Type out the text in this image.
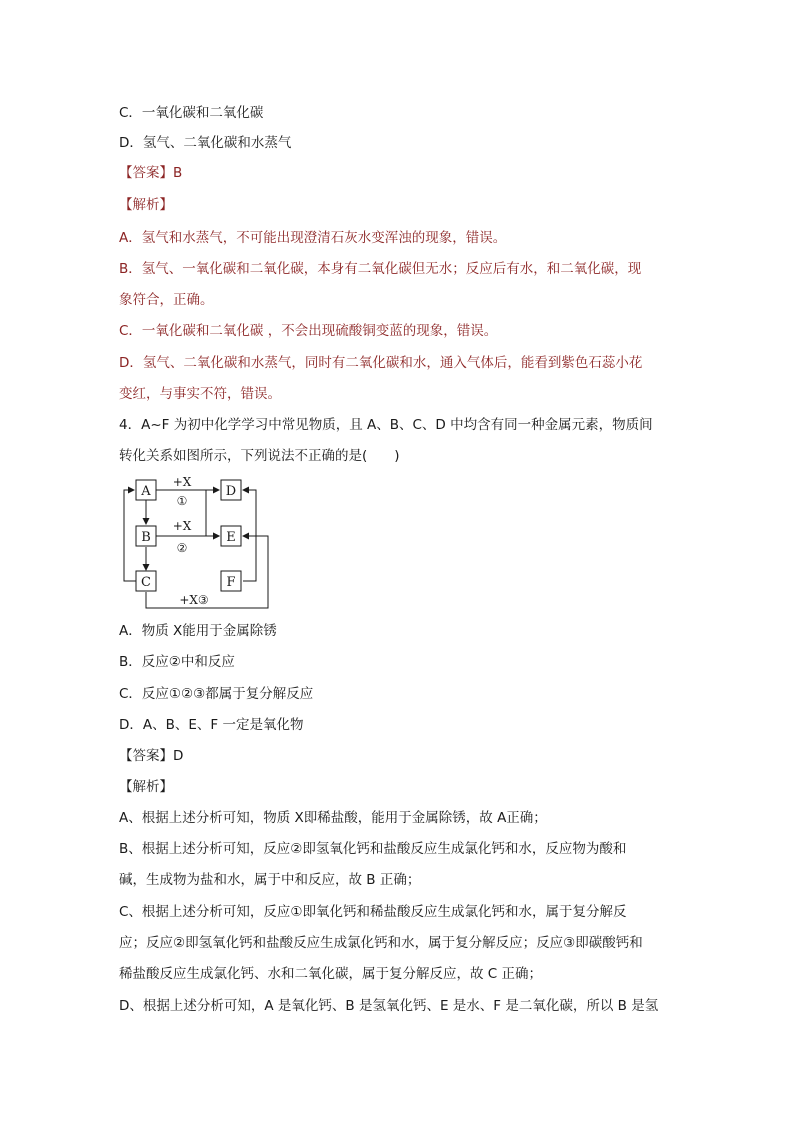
C．一氧化碳和二氧化碳
D．氢气、二氧化碳和水蒸气
【答案】B
【解析】
A．氢气和水蒸气，不可能出现澄清石灰水变浑浊的现象，错误。
B．氢气、一氧化碳和二氧化碳，本身有二氧化碳但无水；反应后有水，和二氧化碳，现
象符合，正确。
C．一氧化碳和二氧化碳 ，不会出现硫酸铜变蓝的现象，错误。
D．氢气、二氧化碳和水蒸气，同时有二氧化碳和水，通入气体后，能看到紫色石蕊小花
变红，与事实不符，错误。
4．A~F 为初中化学学习中常见物质，且 A、B、C、D 中均含有同一种金属元素，物质间
转化关系如图所示，下列说法不正确的是(　　)
A
B
C
D
E
F
+X
①
+X
②
+X③
A．物质 X能用于金属除锈
B．反应②中和反应
C．反应①②③都属于复分解反应
D．A、B、E、F 一定是氧化物
【答案】D
【解析】
A、根据上述分析可知，物质 X即稀盐酸，能用于金属除锈，故 A正确；
B、根据上述分析可知，反应②即氢氧化钙和盐酸反应生成氯化钙和水，反应物为酸和
碱，生成物为盐和水，属于中和反应，故 B 正确；
C、根据上述分析可知，反应①即氧化钙和稀盐酸反应生成氯化钙和水，属于复分解反
应；反应②即氢氧化钙和盐酸反应生成氯化钙和水，属于复分解反应；反应③即碳酸钙和
稀盐酸反应生成氯化钙、水和二氧化碳，属于复分解反应，故 C 正确；
D、根据上述分析可知，A 是氧化钙、B 是氢氧化钙、E 是水、F 是二氧化碳，所以 B 是氢
